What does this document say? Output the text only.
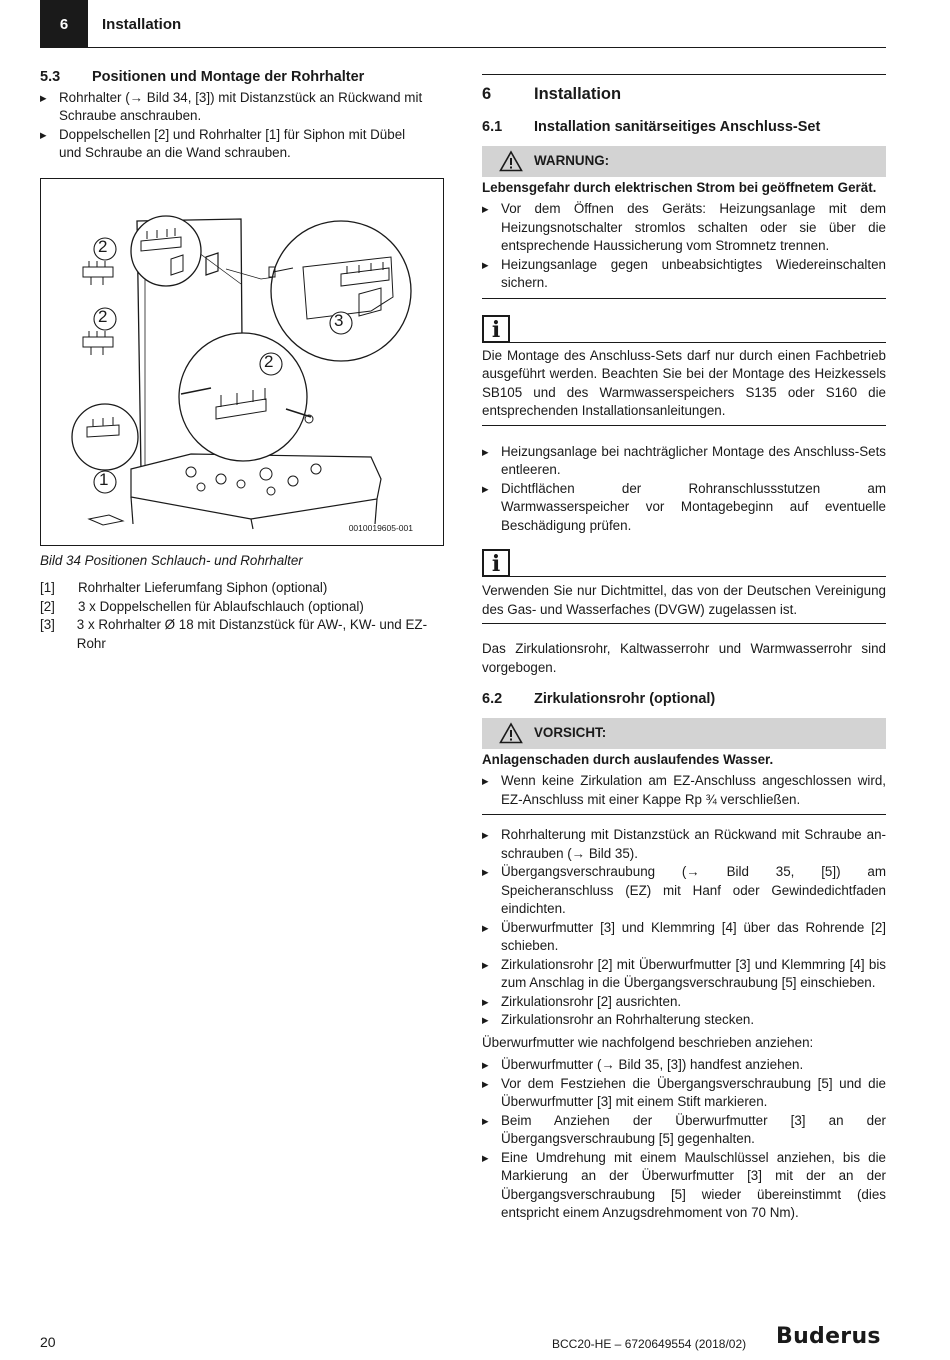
6	Installation
5.3 Positionen und Montage der Rohrhalter
▶ Rohrhalter (→ Bild 34, [3]) mit Distanzstück an Rückwand mit Schraube anschrauben.
▶ Doppelschellen [2] und Rohrhalter [1] für Siphon mit Dübel und Schraube an die Wand schrauben.
2
2
2
3
1
0010019605-001
Bild 34 Positionen Schlauch- und Rohrhalter
[1]	Rohrhalter Lieferumfang Siphon (optional)
[2]	3 x Doppelschellen für Ablaufschlauch (optional)
[3]	3 x Rohrhalter Ø 18 mit Distanzstück für AW-, KW- und EZ-Rohr
6	Installation
6.1 Installation sanitärseitiges Anschluss-Set
WARNUNG:
Lebensgefahr durch elektrischen Strom bei geöffnetem Gerät.
▶ Vor dem Öffnen des Geräts: Heizungsanlage mit dem Heizungsnotschalter stromlos schalten oder sie über die entsprechende Haussicherung vom Stromnetz trennen.
▶ Heizungsanlage gegen unbeabsichtigtes Wiedereinschalten sichern.
i
Die Montage des Anschluss-Sets darf nur durch einen Fachbetrieb ausgeführt werden. Beachten Sie bei der Montage des Heizkessels SB105 und des Warmwasserspeichers S135 oder S160 die entsprechenden Installationsanleitungen.
▶ Heizungsanlage bei nachträglicher Montage des Anschluss-Sets entleeren.
▶ Dichtflächen der Rohranschlussstutzen am Warmwasserspeicher vor Montagebeginn auf eventuelle Beschädigung prüfen.
i
Verwenden Sie nur Dichtmittel, das von der Deutschen Vereinigung des Gas- und Wasserfaches (DVGW) zugelassen ist.
Das Zirkulationsrohr, Kaltwasserrohr und Warmwasserrohr sind vorgebogen.
6.2 Zirkulationsrohr (optional)
VORSICHT:
Anlagenschaden durch auslaufendes Wasser.
▶ Wenn keine Zirkulation am EZ-Anschluss angeschlossen wird, EZ-Anschluss mit einer Kappe Rp ¾ verschließen.
▶ Rohrhalterung mit Distanzstück an Rückwand mit Schraube anschrauben (→ Bild 35).
▶ Übergangsverschraubung (→ Bild 35, [5]) am Speicheranschluss (EZ) mit Hanf oder Gewindedichtfaden eindichten.
▶ Überwurfmutter [3] und Klemmring [4] über das Rohrende [2] schieben.
▶ Zirkulationsrohr [2] mit Überwurfmutter [3] und Klemmring [4] bis zum Anschlag in die Übergangsverschraubung [5] einschieben.
▶ Zirkulationsrohr [2] ausrichten.
▶ Zirkulationsrohr an Rohrhalterung stecken.
Überwurfmutter wie nachfolgend beschrieben anziehen:
▶ Überwurfmutter (→ Bild 35, [3]) handfest anziehen.
▶ Vor dem Festziehen die Übergangsverschraubung [5] und die Überwurfmutter [3] mit einem Stift markieren.
▶ Beim Anziehen der Überwurfmutter [3] an der Übergangsverschraubung [5] gegenhalten.
▶ Eine Umdrehung mit einem Maulschlüssel anziehen, bis die Markierung an der Überwurfmutter [3] mit der an der Übergangsverschraubung [5] wieder übereinstimmt (dies entspricht einem Anzugsdrehmoment von 70 Nm).
20	BCC20-HE – 6720649554 (2018/02) Buderus
